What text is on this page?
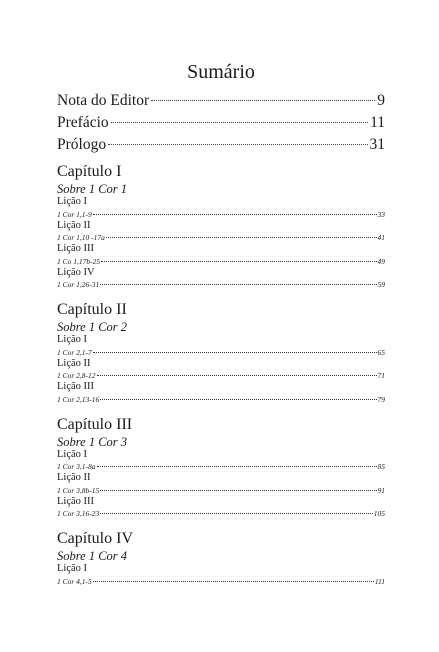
Sumário
Nota do Editor	9
Prefácio	11
Prólogo	31
Capítulo I
Sobre 1 Cor 1
Lição I
1 Cor 1,1-9	33
Lição II
1 Cor 1,10 -17a	41
Lição III
1 Co 1,17b-25	49
Lição IV
1 Cor 1,26-31	59
Capítulo II
Sobre 1 Cor 2
Lição I
1 Cor 2,1-7	65
Lição II
1 Cor 2,8-12	71
Lição III
1 Cor 2,13-16	79
Capítulo III
Sobre 1 Cor 3
Lição I
1 Cor 3,1-8a	85
Lição II
1 Cor 3,8b-15	91
Lição III
1 Cor 3,16-23	105
Capítulo IV
Sobre 1 Cor 4
Lição I
1 Cor 4,1-5	111
